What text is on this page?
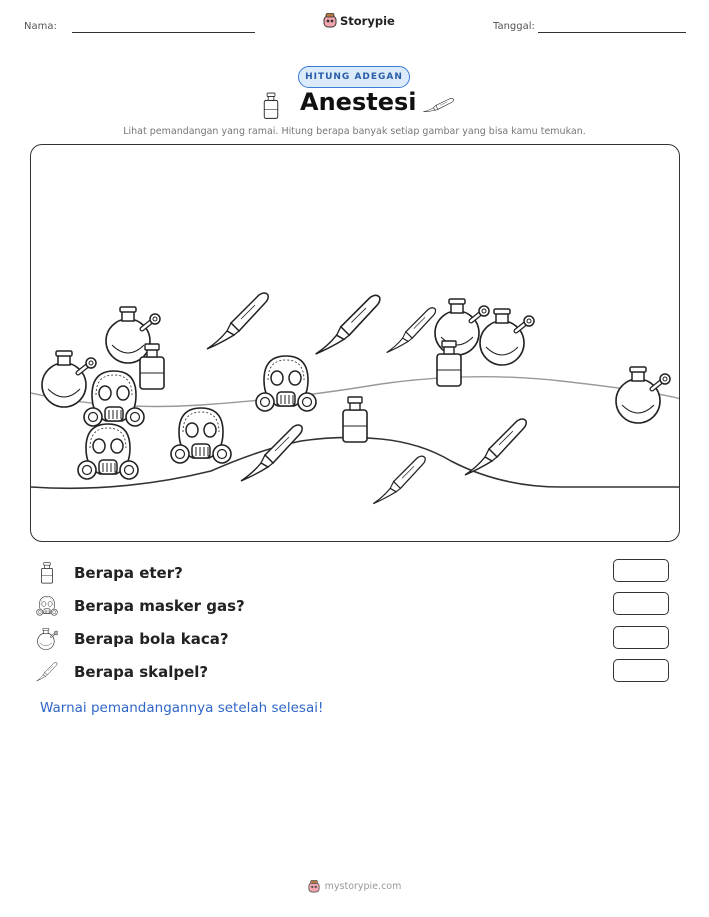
Nama:	Storypie	Tanggal:
HITUNG ADEGAN
Anestesi
Lihat pemandangan yang ramai. Hitung berapa banyak setiap gambar yang bisa kamu temukan.
Berapa eter?
Berapa masker gas?
Berapa bola kaca?
Berapa skalpel?
Warnai pemandangannya setelah selesai!
mystorypie.com
